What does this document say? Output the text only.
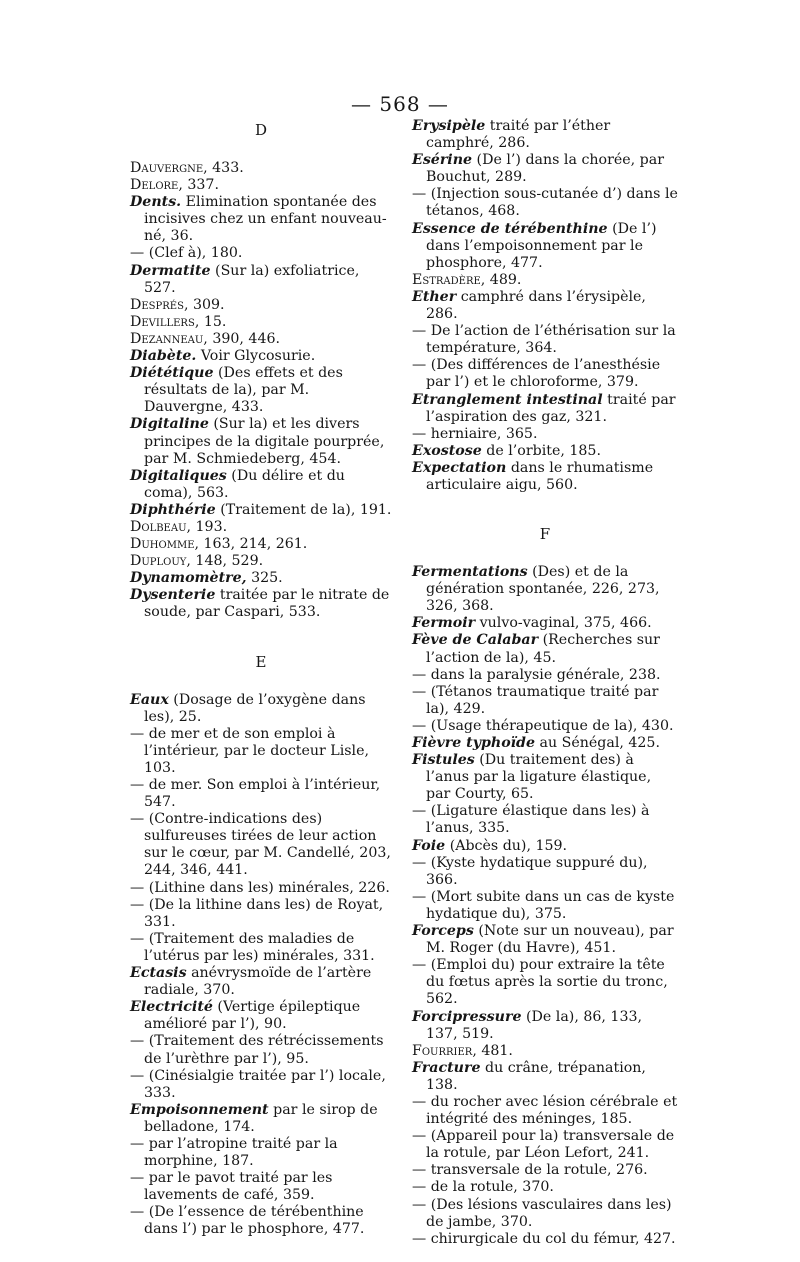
— 568 —
D
Dauvergne, 433.
Delore, 337.
Dents. Elimination spontanée des incisives chez un enfant nouveau-né, 36.
— (Clef à), 180.
Dermatite (Sur la) exfoliatrice, 527.
Després, 309.
Devillers, 15.
Dezanneau, 390, 446.
Diabète. Voir Glycosurie.
Diététique (Des effets et des résultats de la), par M. Dauvergne, 433.
Digitaline (Sur la) et les divers principes de la digitale pourprée, par M. Schmiedeberg, 454.
Digitaliques (Du délire et du coma), 563.
Diphthérie (Traitement de la), 191.
Dolbeau, 193.
Duhomme, 163, 214, 261.
Duplouy, 148, 529.
Dynamomètre, 325.
Dysenterie traitée par le nitrate de soude, par Caspari, 533.
E
Eaux (Dosage de l’oxygène dans les), 25.
— de mer et de son emploi à l’intérieur, par le docteur Lisle, 103.
— de mer. Son emploi à l’intérieur, 547.
— (Contre-indications des) sulfureuses tirées de leur action sur le cœur, par M. Candellé, 203, 244, 346, 441.
— (Lithine dans les) minérales, 226.
— (De la lithine dans les) de Royat, 331.
— (Traitement des maladies de l’utérus par les) minérales, 331.
Ectasis anévrysmoïde de l’artère radiale, 370.
Electricité (Vertige épileptique amélioré par l’), 90.
— (Traitement des rétrécissements de l’urèthre par l’), 95.
— (Cinésialgie traitée par l’) locale, 333.
Empoisonnement par le sirop de belladone, 174.
— par l’atropine traité par la morphine, 187.
— par le pavot traité par les lavements de café, 359.
— (De l’essence de térébenthine dans l’) par le phosphore, 477.
Erysipèle traité par l’éther camphré, 286.
Esérine (De l’) dans la chorée, par Bouchut, 289.
— (Injection sous-cutanée d’) dans le tétanos, 468.
Essence de térébenthine (De l’) dans l’empoisonnement par le phosphore, 477.
Estradère, 489.
Ether camphré dans l’érysipèle, 286.
— De l’action de l’éthérisation sur la température, 364.
— (Des différences de l’anesthésie par l’) et le chloroforme, 379.
Etranglement intestinal traité par l’aspiration des gaz, 321.
— herniaire, 365.
Exostose de l’orbite, 185.
Expectation dans le rhumatisme articulaire aigu, 560.
F
Fermentations (Des) et de la génération spontanée, 226, 273, 326, 368.
Fermoir vulvo-vaginal, 375, 466.
Fève de Calabar (Recherches sur l’action de la), 45.
— dans la paralysie générale, 238.
— (Tétanos traumatique traité par la), 429.
— (Usage thérapeutique de la), 430.
Fièvre typhoïde au Sénégal, 425.
Fistules (Du traitement des) à l’anus par la ligature élastique, par Courty, 65.
— (Ligature élastique dans les) à l’anus, 335.
Foie (Abcès du), 159.
— (Kyste hydatique suppuré du), 366.
— (Mort subite dans un cas de kyste hydatique du), 375.
Forceps (Note sur un nouveau), par M. Roger (du Havre), 451.
— (Emploi du) pour extraire la tête du fœtus après la sortie du tronc, 562.
Forcipressure (De la), 86, 133, 137, 519.
Fourrier, 481.
Fracture du crâne, trépanation, 138.
— du rocher avec lésion cérébrale et intégrité des méninges, 185.
— (Appareil pour la) transversale de la rotule, par Léon Lefort, 241.
— transversale de la rotule, 276.
— de la rotule, 370.
— (Des lésions vasculaires dans les) de jambe, 370.
— chirurgicale du col du fémur, 427.
